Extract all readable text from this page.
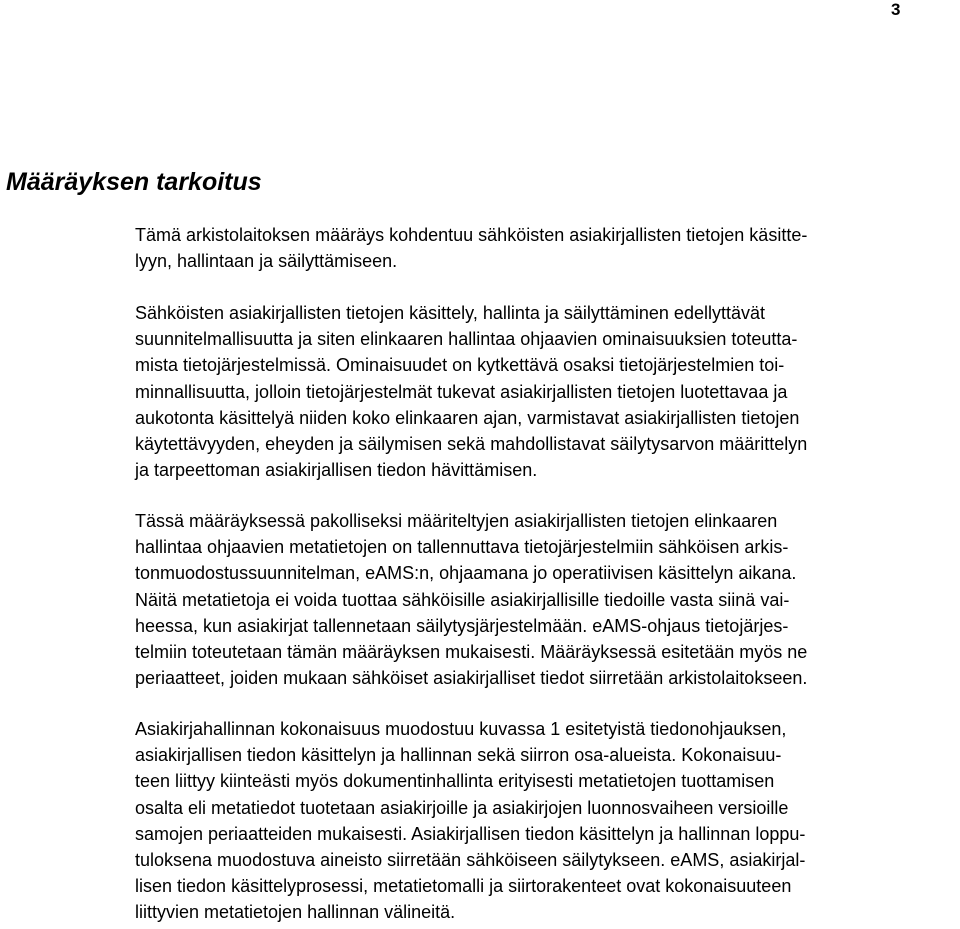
3
Määräyksen tarkoitus
Tämä arkistolaitoksen määräys kohdentuu sähköisten asiakirjallisten tietojen käsitte-
lyyn, hallintaan ja säilyttämiseen.
Sähköisten asiakirjallisten tietojen käsittely, hallinta ja säilyttäminen edellyttävät
suunnitelmallisuutta ja siten elinkaaren hallintaa ohjaavien ominaisuuksien toteutta-
mista tietojärjestelmissä. Ominaisuudet on kytkettävä osaksi tietojärjestelmien toi-
minnallisuutta, jolloin tietojärjestelmät tukevat asiakirjallisten tietojen luotettavaa ja
aukotonta käsittelyä niiden koko elinkaaren ajan, varmistavat asiakirjallisten tietojen
käytettävyyden, eheyden ja säilymisen sekä mahdollistavat säilytysarvon määrittelyn
ja tarpeettoman asiakirjallisen tiedon hävittämisen.
Tässä määräyksessä pakolliseksi määriteltyjen asiakirjallisten tietojen elinkaaren
hallintaa ohjaavien metatietojen on tallennuttava tietojärjestelmiin sähköisen arkis-
tonmuodostussuunnitelman, eAMS:n, ohjaamana jo operatiivisen käsittelyn aikana.
Näitä metatietoja ei voida tuottaa sähköisille asiakirjallisille tiedoille vasta siinä vai-
heessa, kun asiakirjat tallennetaan säilytysjärjestelmään. eAMS-ohjaus tietojärjes-
telmiin toteutetaan tämän määräyksen mukaisesti. Määräyksessä esitetään myös ne
periaatteet, joiden mukaan sähköiset asiakirjalliset tiedot siirretään arkistolaitokseen.
Asiakirjahallinnan kokonaisuus muodostuu kuvassa 1 esitetyistä tiedonohjauksen,
asiakirjallisen tiedon käsittelyn ja hallinnan sekä siirron osa-alueista. Kokonaisuu-
teen liittyy kiinteästi myös dokumentinhallinta erityisesti metatietojen tuottamisen
osalta eli metatiedot tuotetaan asiakirjoille ja asiakirjojen luonnosvaiheen versioille
samojen periaatteiden mukaisesti. Asiakirjallisen tiedon käsittelyn ja hallinnan loppu-
tuloksena muodostuva aineisto siirretään sähköiseen säilytykseen. eAMS, asiakirjal-
lisen tiedon käsittelyprosessi, metatietomalli ja siirtorakenteet ovat kokonaisuuteen
liittyvien metatietojen hallinnan välineitä.
